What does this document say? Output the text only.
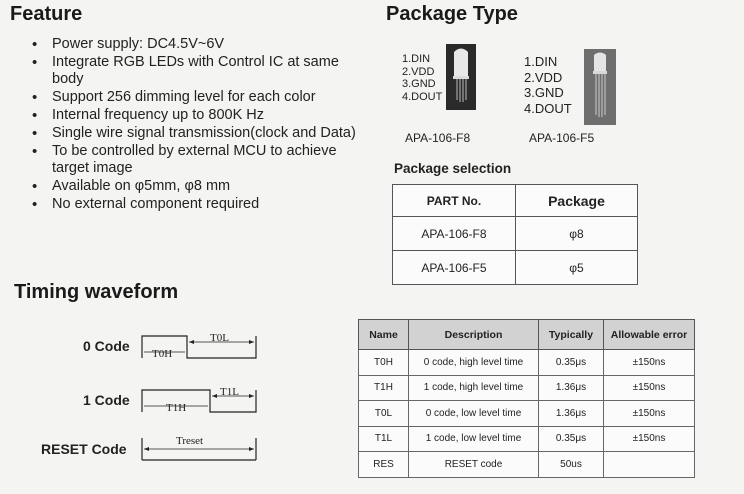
Feature
• Power supply: DC4.5V~6V
• Integrate RGB LEDs with Control IC at same body
• Support 256 dimming level for each color
• Internal frequency up to 800K Hz
• Single wire signal transmission(clock and Data)
• To be controlled by external MCU to achieve target image
• Available on φ5mm, φ8 mm
• No external component required
Package Type
1.DIN
2.VDD
3.GND
4.DOUT
APA-106-F8
1.DIN
2.VDD
3.GND
4.DOUT
APA-106-F5
Package selection
PART No.	Package
APA-106-F8	φ8
APA-106-F5	φ5
Timing waveform
0 Code T0H
T0L
1 Code	T1H
T1L
RESET Code	Treset
Name	Description	Typically	Allowable error
T0H	0 code, high level time	0.35μs	±150ns
T1H	1 code, high level time	1.36μs	±150ns
T0L	0 code, low level time	1.36μs	±150ns
T1L	1 code, low level time	0.35μs	±150ns
RES	RESET code	50us	
